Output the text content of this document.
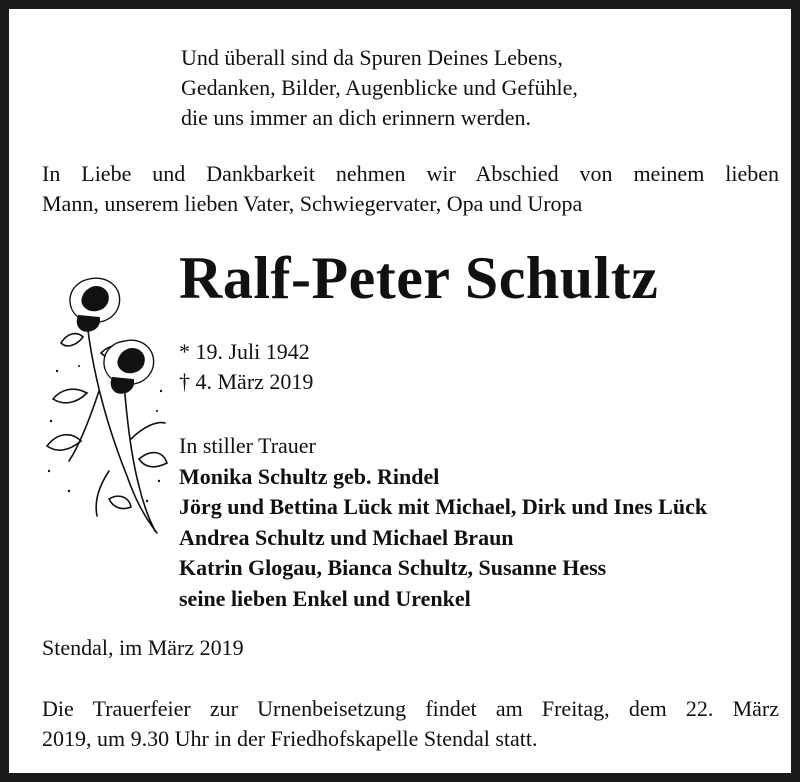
Und überall sind da Spuren Deines Lebens,
Gedanken, Bilder, Augenblicke und Gefühle,
die uns immer an dich erinnern werden.
In Liebe und Dankbarkeit nehmen wir Abschied von meinem lieben
Mann, unserem lieben Vater, Schwiegervater, Opa und Uropa
Ralf-Peter Schultz
* 19. Juli 1942
† 4. März 2019
In stiller Trauer
Monika Schultz geb. Rindel
Jörg und Bettina Lück mit Michael, Dirk und Ines Lück
Andrea Schultz und Michael Braun
Katrin Glogau, Bianca Schultz, Susanne Hess
seine lieben Enkel und Urenkel
Stendal, im März 2019
Die Trauerfeier zur Urnenbeisetzung findet am Freitag, dem 22. März
2019, um 9.30 Uhr in der Friedhofskapelle Stendal statt.
